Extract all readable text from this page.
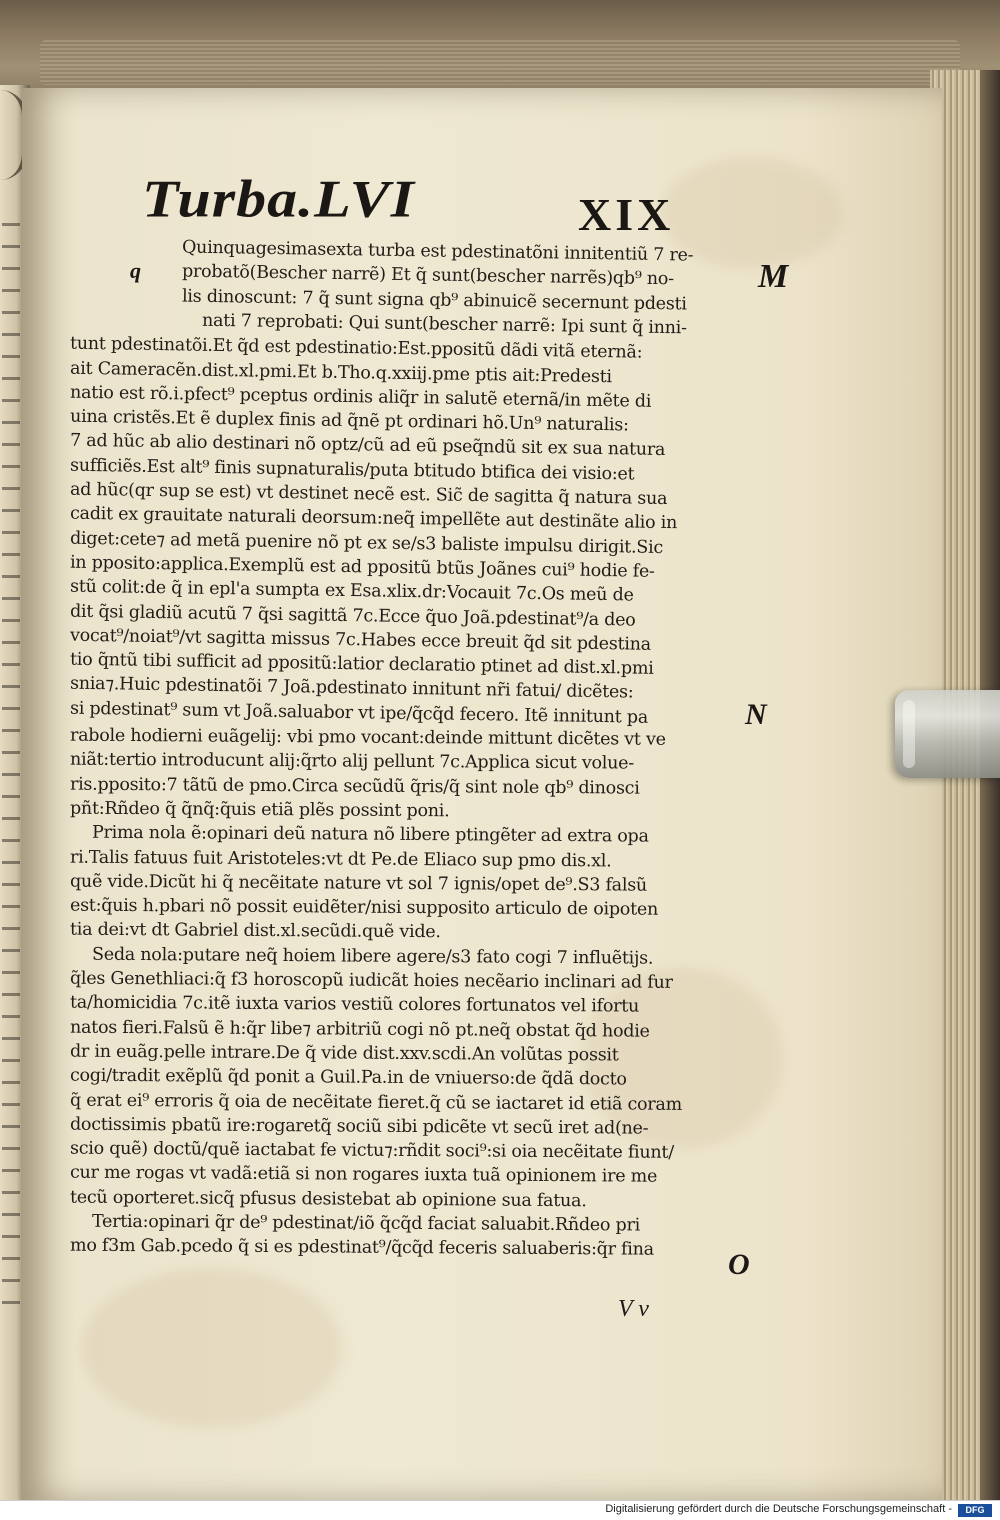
Turba.LVI	XIX
q	M
N
O
Quinquagesimasexta turba est pdestinatõni innitentiũ 7 re-
probatõ(Bescher narrẽ) Et q̃ sunt(bescher narrẽs)qb⁹ no-
lis dinoscunt: 7 q̃ sunt signa qb⁹ abinuicẽ secernunt pdesti
nati 7 reprobati: Qui sunt(bescher narrẽ: Ipi sunt q̃ inni-
tunt pdestinatõi.Et q̃d est pdestinatio:Est.ppositũ dãdi vitã eternã:
ait Cameracẽn.dist.xl.pmi.Et b.Tho.q.xxiij.pme ptis ait:Predesti
natio est rõ.i.pfect⁹ pceptus ordinis aliq̃r in salutẽ eternã/in mẽte di
uina cristẽs.Et ẽ duplex finis ad q̃nẽ pt ordinari hõ.Un⁹ naturalis:
7 ad hũc ab alio destinari nõ optz/cũ ad eũ pseq̃ndũ sit ex sua natura
sufficiẽs.Est alt⁹ finis supnaturalis/puta btitudo btifica dei visio:et
ad hũc(qr sup se est) vt destinet necẽ est. Sic̃ de sagitta q̃ natura sua
cadit ex grauitate naturali deorsum:neq̃ impellẽte aut destinãte alio in
diget:cete⁊ ad metã puenire nõ pt ex se/s3 baliste impulsu dirigit.Sic
in pposito:applica.Exemplũ est ad ppositũ btũs Joãnes cui⁹ hodie fe-
stũ colit:de q̃ in epl'a sumpta ex Esa.xlix.dr:Vocauit 7c.Os meũ de
dit q̃si gladiũ acutũ 7 q̃si sagittã 7c.Ecce q̃uo Joã.pdestinat⁹/a deo
vocat⁹/noiat⁹/vt sagitta missus 7c.Habes ecce breuit q̃d sit pdestina
tio q̃ntũ tibi sufficit ad ppositũ:latior declaratio ptinet ad dist.xl.pmi
snia⁊.Huic pdestinatõi 7 Joã.pdestinato innitunt nr̃i fatui/ dicẽtes:
si pdestinat⁹ sum vt Joã.saluabor vt ipe/q̃cq̃d fecero. Itẽ innitunt pa
rabole hodierni euãgelij: vbi pmo vocant:deinde mittunt dicẽtes vt ve
niãt:tertio introducunt alij:q̃rto alij pellunt 7c.Applica sicut volue-
ris.pposito:7 tãtũ de pmo.Circa secũdũ q̃ris/q̃ sint nole qb⁹ dinosci
pñt:Rñdeo q̃ q̃nq̃:q̃uis etiã plẽs possint poni.
Prima nola ẽ:opinari deũ natura nõ libere ptingẽter ad extra opa
ri.Talis fatuus fuit Aristoteles:vt dt Pe.de Eliaco sup pmo dis.xl.
quẽ vide.Dicũt hi q̃ necẽitate nature vt sol 7 ignis/opet de⁹.S3 falsũ
est:q̃uis h.pbari nõ possit euidẽter/nisi supposito articulo de oipoten
tia dei:vt dt Gabriel dist.xl.secũdi.quẽ vide.
Seda nola:putare neq̃ hoiem libere agere/s3 fato cogi 7 influẽtijs.
q̃les Genethliaci:q̃ f3 horoscopũ iudicãt hoies necẽario inclinari ad fur
ta/homicidia 7c.itẽ iuxta varios vestiũ colores fortunatos vel ifortu
natos fieri.Falsũ ẽ h:q̃r libe⁊ arbitriũ cogi nõ pt.neq̃ obstat q̃d hodie
dr in euãg.pelle intrare.De q̃ vide dist.xxv.scdi.An volũtas possit
cogi/tradit exẽplũ q̃d ponit a Guil.Pa.in de vniuerso:de q̃dã docto
q̃ erat ei⁹ erroris q̃ oia de necẽitate fieret.q̃ cũ se iactaret id etiã coram
doctissimis pbatũ ire:rogaretq̃ sociũ sibi pdicẽte vt secũ iret ad(ne-
scio quẽ) doctũ/quẽ iactabat fe victu⁊:rñdit soci⁹:si oia necẽitate fiunt/
cur me rogas vt vadã:etiã si non rogares iuxta tuã opinionem ire me
tecũ oporteret.sicq̃ pfusus desistebat ab opinione sua fatua.
Tertia:opinari q̃r de⁹ pdestinat/iõ q̃cq̃d faciat saluabit.Rñdeo pri
mo f3m Gab.pcedo q̃ si es pdestinat⁹/q̃cq̃d feceris saluaberis:q̃r fina
V v
Digitalisierung gefördert durch die Deutsche Forschungsgemeinschaft -	DFG
